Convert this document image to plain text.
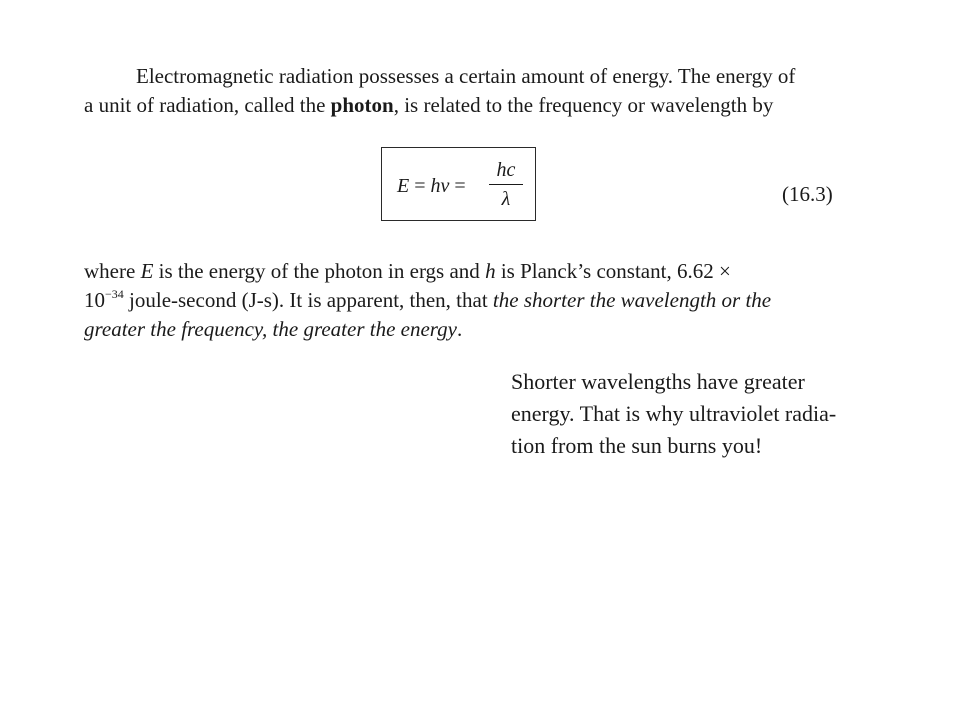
Electromagnetic radiation possesses a certain amount of energy. The energy of
a unit of radiation, called the photon, is related to the frequency or wavelength by

E = hv =
hc
λ	(16.3)

where E is the energy of the photon in ergs and h is Planck’s constant, 6.62 ×
$10^{-34}$ joule-second (J-s). It is apparent, then, that the shorter the wavelength or the
greater the frequency, the greater the energy.

Shorter wavelengths have greater
energy. That is why ultraviolet radia-
tion from the sun burns you!
